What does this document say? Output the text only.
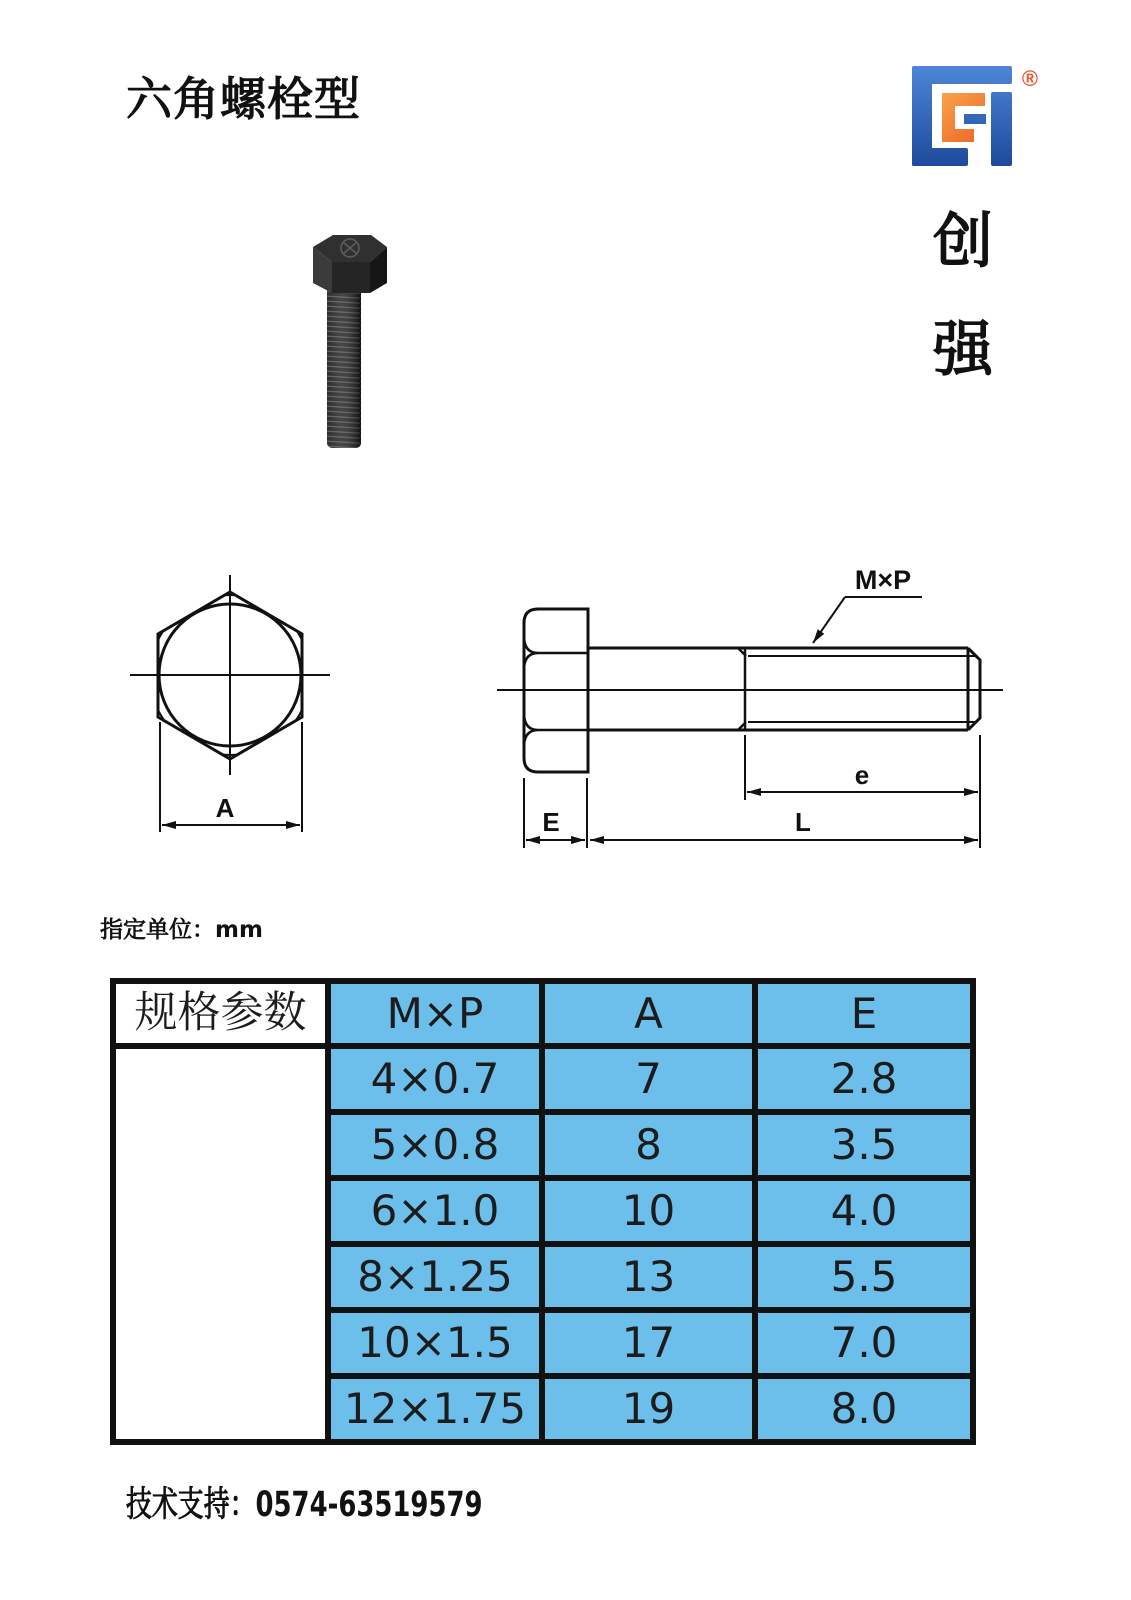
®
A
M×P
e
E	L
六角螺栓型
创
强
指定单位：mm
规格参数	M×P	A	E
	4×0.7	7	2.8
	5×0.8	8	3.5
	6×1.0	10	4.0
	8×1.25	13	5.5
	10×1.5	17	7.0
	12×1.75	19	8.0
技术支持：0574-63519579
